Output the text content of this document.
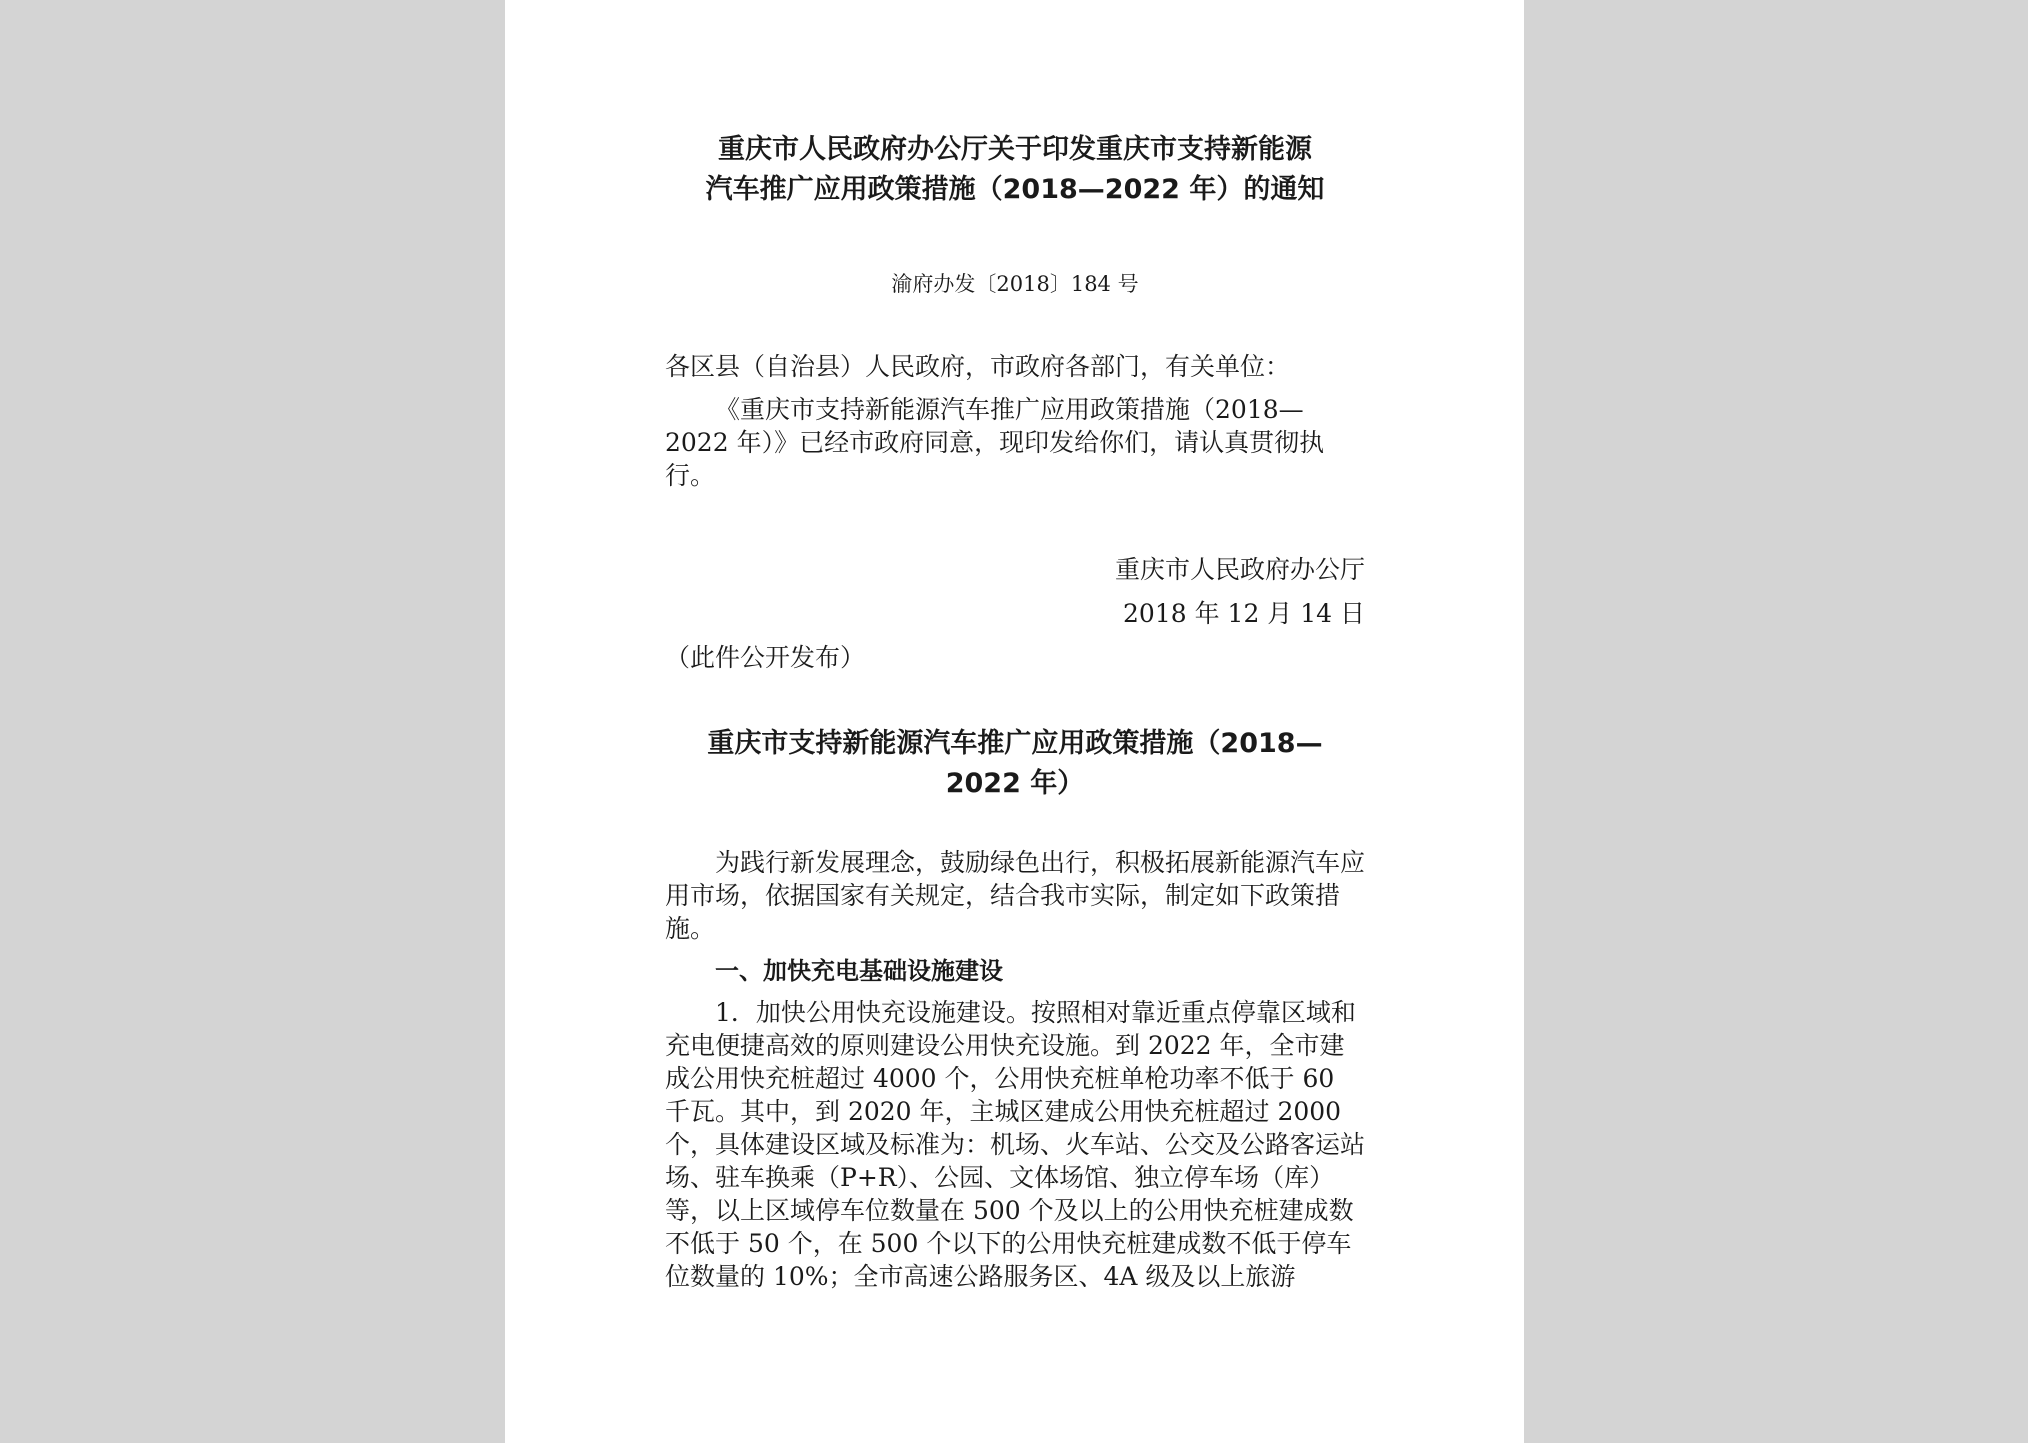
重庆市人民政府办公厅关于印发重庆市支持新能源
汽车推广应用政策措施（2018—2022 年）的通知

渝府办发〔2018〕184 号

各区县（自治县）人民政府，市政府各部门，有关单位：

《重庆市支持新能源汽车推广应用政策措施（2018—2022 年）》已经市政府同意，现印发给你们，请认真贯彻执行。

重庆市人民政府办公厅

2018 年 12 月 14 日

（此件公开发布）

重庆市支持新能源汽车推广应用政策措施（2018—
2022 年）

为践行新发展理念，鼓励绿色出行，积极拓展新能源汽车应用市场，依据国家有关规定，结合我市实际，制定如下政策措施。

一、加快充电基础设施建设

1．加快公用快充设施建设。按照相对靠近重点停靠区域和充电便捷高效的原则建设公用快充设施。到 2022 年，全市建成公用快充桩超过 4000 个，公用快充桩单枪功率不低于 60 千瓦。其中，到 2020 年，主城区建成公用快充桩超过 2000 个，具体建设区域及标准为：机场、火车站、公交及公路客运站场、驻车换乘（P+R）、公园、文体场馆、独立停车场（库）等，以上区域停车位数量在 500 个及以上的公用快充桩建成数不低于 50 个，在 500 个以下的公用快充桩建成数不低于停车位数量的 10%；全市高速公路服务区、4A 级及以上旅游
